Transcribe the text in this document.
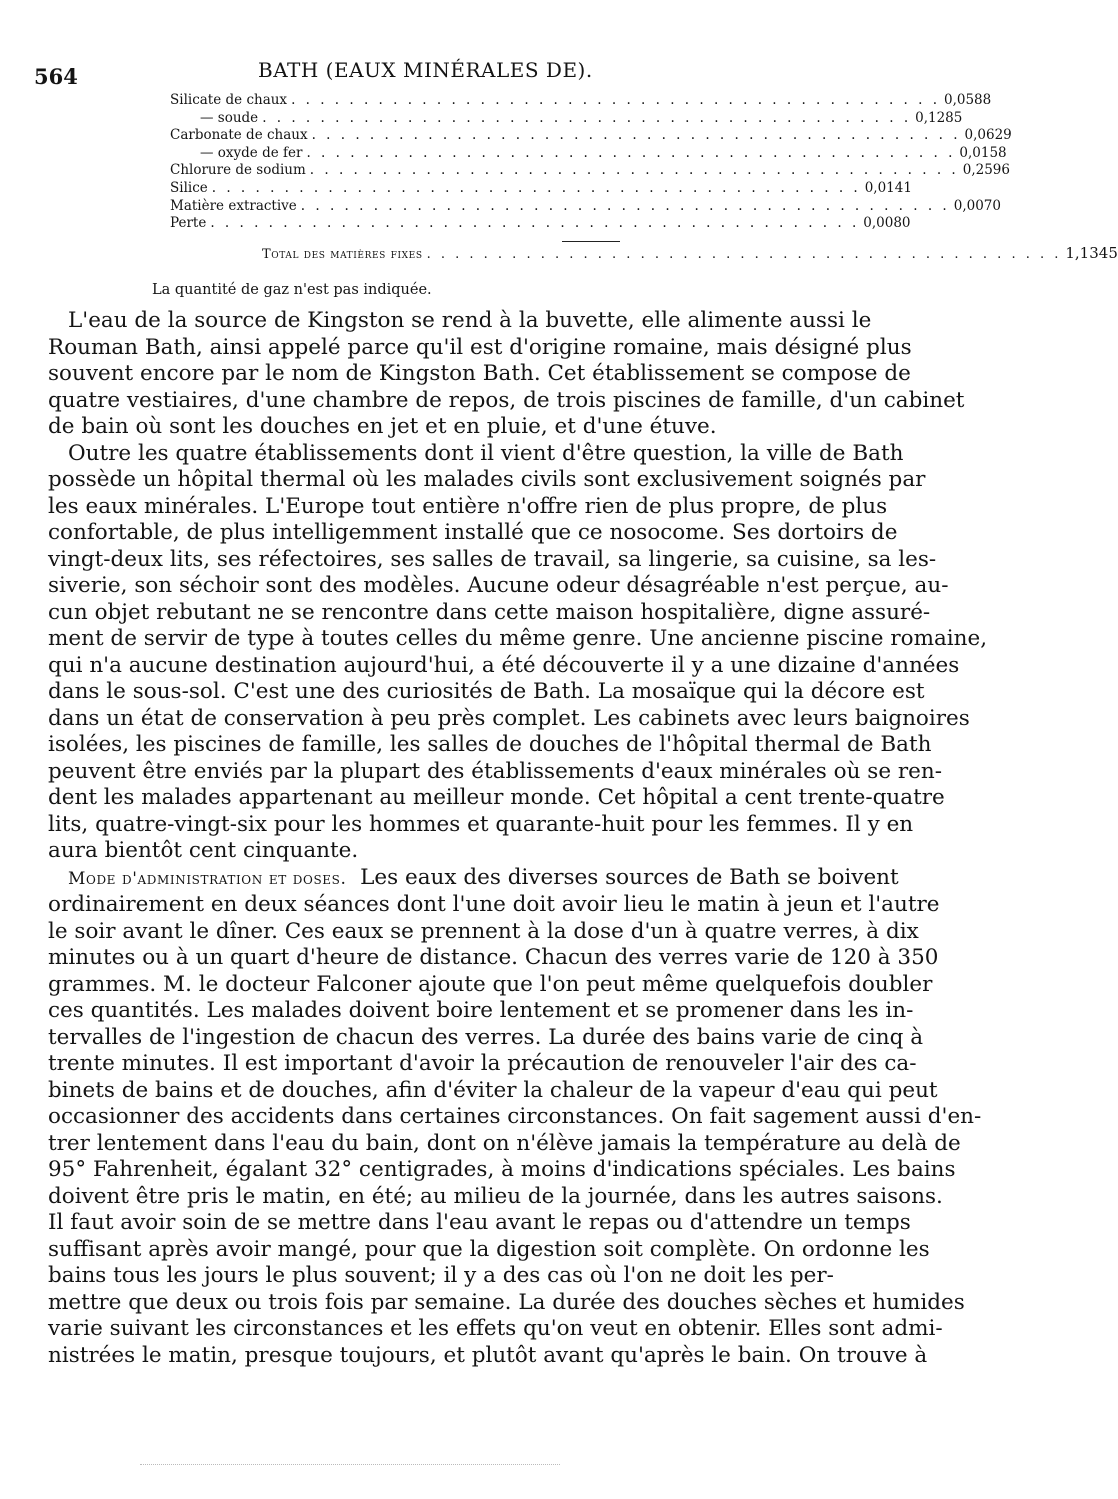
564	BATH (EAUX MINÉRALES DE).
Silicate de chaux . . .	0,0588
— soude . . .	0,1285
Carbonate de chaux . . .	0,0629
— oxyde de fer . . .	0,0158
Chlorure de sodium . . .	0,2596
Silice . . .	0,0141
Matière extractive . . .	0,0070
Perte . . .	0,0080
Total des matières fixes . . .	1,1345
La quantité de gaz n'est pas indiquée.
L'eau de la source de Kingston se rend à la buvette, elle alimente aussi le
Rouman Bath, ainsi appelé parce qu'il est d'origine romaine, mais désigné plus
souvent encore par le nom de Kingston Bath. Cet établissement se compose de
quatre vestiaires, d'une chambre de repos, de trois piscines de famille, d'un cabinet
de bain où sont les douches en jet et en pluie, et d'une étuve.
Outre les quatre établissements dont il vient d'être question, la ville de Bath
possède un hôpital thermal où les malades civils sont exclusivement soignés par
les eaux minérales. L'Europe tout entière n'offre rien de plus propre, de plus
confortable, de plus intelligemment installé que ce nosocome. Ses dortoirs de
vingt-deux lits, ses réfectoires, ses salles de travail, sa lingerie, sa cuisine, sa les-
siverie, son séchoir sont des modèles. Aucune odeur désagréable n'est perçue, au-
cun objet rebutant ne se rencontre dans cette maison hospitalière, digne assuré-
ment de servir de type à toutes celles du même genre. Une ancienne piscine romaine,
qui n'a aucune destination aujourd'hui, a été découverte il y a une dizaine d'années
dans le sous-sol. C'est une des curiosités de Bath. La mosaïque qui la décore est
dans un état de conservation à peu près complet. Les cabinets avec leurs baignoires
isolées, les piscines de famille, les salles de douches de l'hôpital thermal de Bath
peuvent être enviés par la plupart des établissements d'eaux minérales où se ren-
dent les malades appartenant au meilleur monde. Cet hôpital a cent trente-quatre
lits, quatre-vingt-six pour les hommes et quarante-huit pour les femmes. Il y en
aura bientôt cent cinquante.
Mode d'administration et doses. Les eaux des diverses sources de Bath se boivent
ordinairement en deux séances dont l'une doit avoir lieu le matin à jeun et l'autre
le soir avant le dîner. Ces eaux se prennent à la dose d'un à quatre verres, à dix
minutes ou à un quart d'heure de distance. Chacun des verres varie de 120 à 350
grammes. M. le docteur Falconer ajoute que l'on peut même quelquefois doubler
ces quantités. Les malades doivent boire lentement et se promener dans les in-
tervalles de l'ingestion de chacun des verres. La durée des bains varie de cinq à
trente minutes. Il est important d'avoir la précaution de renouveler l'air des ca-
binets de bains et de douches, afin d'éviter la chaleur de la vapeur d'eau qui peut
occasionner des accidents dans certaines circonstances. On fait sagement aussi d'en-
trer lentement dans l'eau du bain, dont on n'élève jamais la température au delà de
95° Fahrenheit, égalant 32° centigrades, à moins d'indications spéciales. Les bains
doivent être pris le matin, en été; au milieu de la journée, dans les autres saisons.
Il faut avoir soin de se mettre dans l'eau avant le repas ou d'attendre un temps
suffisant après avoir mangé, pour que la digestion soit complète. On ordonne les
bains tous les jours le plus souvent; il y a des cas où l'on ne doit les per-
mettre que deux ou trois fois par semaine. La durée des douches sèches et humides
varie suivant les circonstances et les effets qu'on veut en obtenir. Elles sont admi-
nistrées le matin, presque toujours, et plutôt avant qu'après le bain. On trouve à
